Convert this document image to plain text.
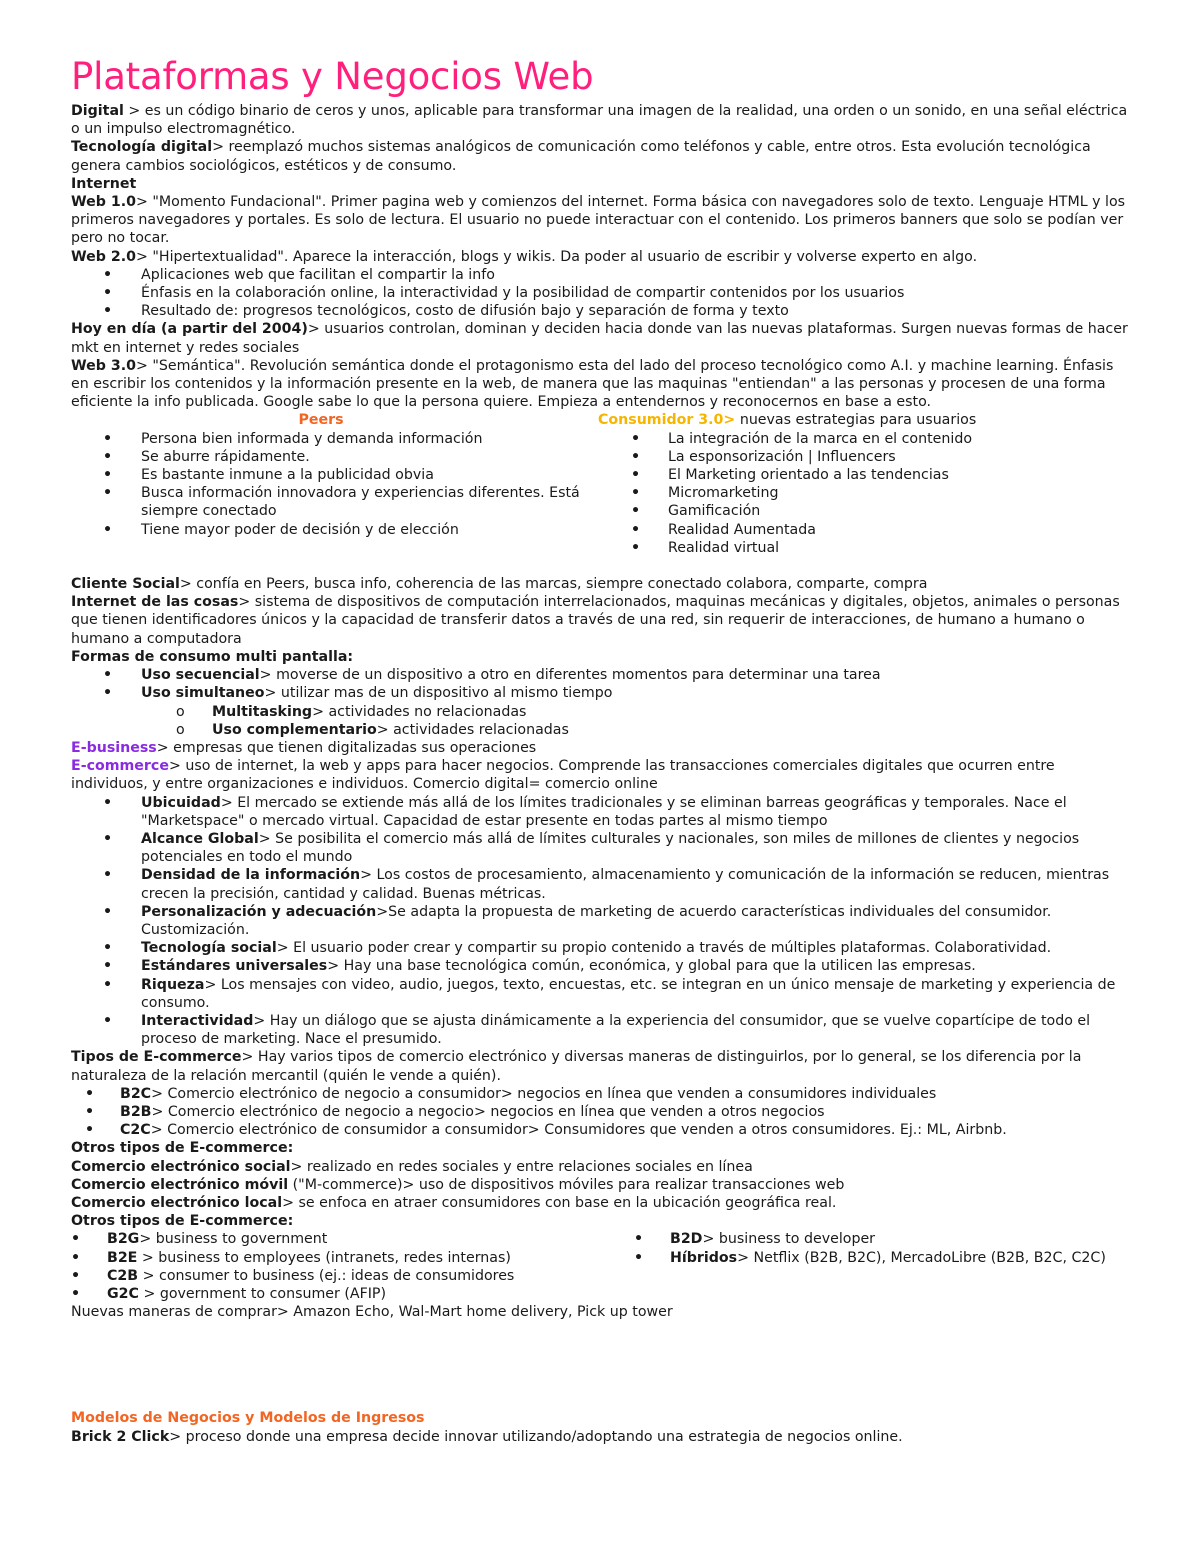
Plataformas y Negocios Web

Digital > es un código binario de ceros y unos, aplicable para transformar una imagen de la realidad, una orden o un sonido, en una señal eléctrica o un impulso electromagnético.

Tecnología digital> reemplazó muchos sistemas analógicos de comunicación como teléfonos y cable, entre otros. Esta evolución tecnológica genera cambios sociológicos, estéticos y de consumo.

Internet

Web 1.0> "Momento Fundacional". Primer pagina web y comienzos del internet. Forma básica con navegadores solo de texto. Lenguaje HTML y los primeros navegadores y portales. Es solo de lectura. El usuario no puede interactuar con el contenido. Los primeros banners que solo se podían ver pero no tocar.

Web 2.0> "Hipertextualidad". Aparece la interacción, blogs y wikis. Da poder al usuario de escribir y volverse experto en algo.

• Aplicaciones web que facilitan el compartir la info
• Énfasis en la colaboración online, la interactividad y la posibilidad de compartir contenidos por los usuarios
• Resultado de: progresos tecnológicos, costo de difusión bajo y separación de forma y texto

Hoy en día (a partir del 2004)> usuarios controlan, dominan y deciden hacia donde van las nuevas plataformas. Surgen nuevas formas de hacer mkt en internet y redes sociales

Web 3.0> "Semántica". Revolución semántica donde el protagonismo esta del lado del proceso tecnológico como A.I. y machine learning. Énfasis en escribir los contenidos y la información presente en la web, de manera que las maquinas "entiendan" a las personas y procesen de una forma eficiente la info publicada. Google sabe lo que la persona quiere. Empieza a entendernos y reconocernos en base a esto.

Peers
• Persona bien informada y demanda información
• Se aburre rápidamente.
• Es bastante inmune a la publicidad obvia
• Busca información innovadora y experiencias diferentes. Está siempre conectado
• Tiene mayor poder de decisión y de elección
Consumidor 3.0> nuevas estrategias para usuarios
• La integración de la marca en el contenido
• La esponsorización | Influencers
• El Marketing orientado a las tendencias
• Micromarketing
• Gamificación
• Realidad Aumentada
• Realidad virtual

Cliente Social> confía en Peers, busca info, coherencia de las marcas, siempre conectado colabora, comparte, compra

Internet de las cosas> sistema de dispositivos de computación interrelacionados, maquinas mecánicas y digitales, objetos, animales o personas que tienen identificadores únicos y la capacidad de transferir datos a través de una red, sin requerir de interacciones, de humano a humano o humano a computadora

Formas de consumo multi pantalla:

• Uso secuencial> moverse de un dispositivo a otro en diferentes momentos para determinar una tarea
• Uso simultaneo> utilizar mas de un dispositivo al mismo tiempo
o Multitasking> actividades no relacionadas
o Uso complementario> actividades relacionadas

E-business> empresas que tienen digitalizadas sus operaciones

E-commerce> uso de internet, la web y apps para hacer negocios. Comprende las transacciones comerciales digitales que ocurren entre individuos, y entre organizaciones e individuos. Comercio digital= comercio online

• Ubicuidad> El mercado se extiende más allá de los límites tradicionales y se eliminan barreas geográficas y temporales. Nace el "Marketspace" o mercado virtual. Capacidad de estar presente en todas partes al mismo tiempo
• Alcance Global> Se posibilita el comercio más allá de límites culturales y nacionales, son miles de millones de clientes y negocios potenciales en todo el mundo
• Densidad de la información> Los costos de procesamiento, almacenamiento y comunicación de la información se reducen, mientras crecen la precisión, cantidad y calidad. Buenas métricas.
• Personalización y adecuación>Se adapta la propuesta de marketing de acuerdo características individuales del consumidor. Customización.
• Tecnología social> El usuario poder crear y compartir su propio contenido a través de múltiples plataformas. Colaboratividad.
• Estándares universales> Hay una base tecnológica común, económica, y global para que la utilicen las empresas.
• Riqueza> Los mensajes con video, audio, juegos, texto, encuestas, etc. se integran en un único mensaje de marketing y experiencia de consumo.
• Interactividad> Hay un diálogo que se ajusta dinámicamente a la experiencia del consumidor, que se vuelve copartícipe de todo el proceso de marketing. Nace el presumido.

Tipos de E-commerce> Hay varios tipos de comercio electrónico y diversas maneras de distinguirlos, por lo general, se los diferencia por la naturaleza de la relación mercantil (quién le vende a quién).

• B2C> Comercio electrónico de negocio a consumidor> negocios en línea que venden a consumidores individuales
• B2B> Comercio electrónico de negocio a negocio> negocios en línea que venden a otros negocios
• C2C> Comercio electrónico de consumidor a consumidor> Consumidores que venden a otros consumidores. Ej.: ML, Airbnb.

Otros tipos de E-commerce:

Comercio electrónico social> realizado en redes sociales y entre relaciones sociales en línea

Comercio electrónico móvil ("M-commerce)> uso de dispositivos móviles para realizar transacciones web

Comercio electrónico local> se enfoca en atraer consumidores con base en la ubicación geográfica real.

Otros tipos de E-commerce:

• B2G> business to government
• B2E > business to employees (intranets, redes internas)
• C2B > consumer to business (ej.: ideas de consumidores
• G2C > government to consumer (AFIP)
• B2D> business to developer
• Híbridos> Netflix (B2B, B2C), MercadoLibre (B2B, B2C, C2C)

Nuevas maneras de comprar> Amazon Echo, Wal-Mart home delivery, Pick up tower

Modelos de Negocios y Modelos de Ingresos

Brick 2 Click> proceso donde una empresa decide innovar utilizando/adoptando una estrategia de negocios online.
